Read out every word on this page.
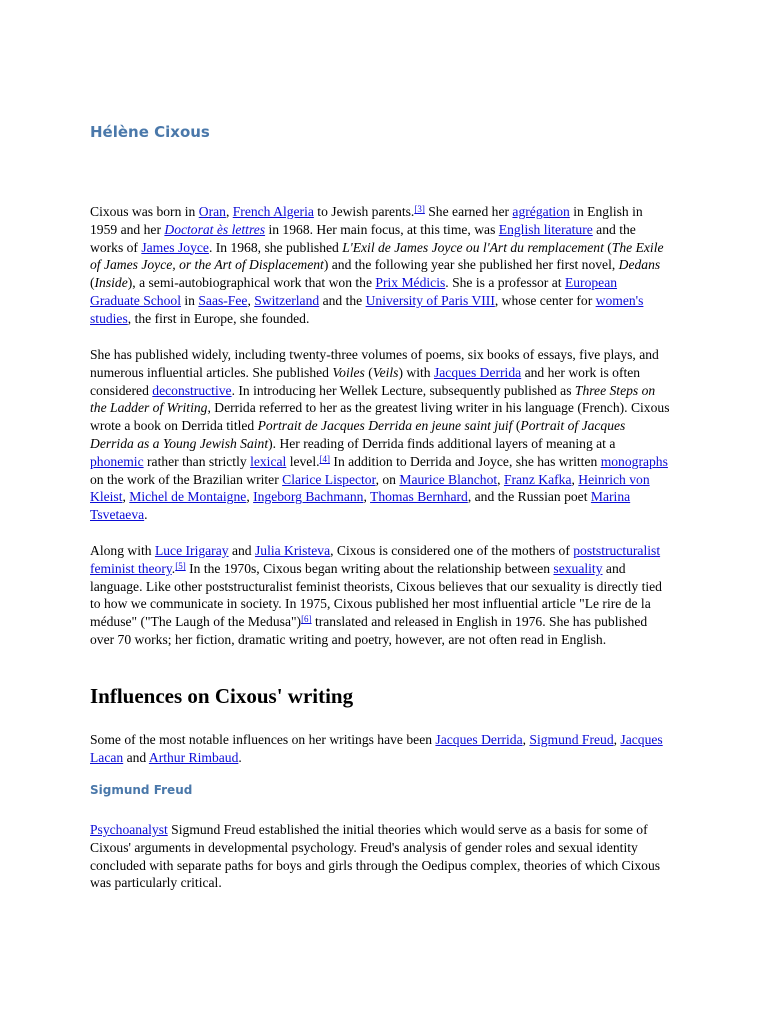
Hélène Cixous

Cixous was born in Oran, French Algeria to Jewish parents.[3] She earned her agrégation in English in 1959 and her Doctorat ès lettres in 1968. Her main focus, at this time, was English literature and the works of James Joyce. In 1968, she published L'Exil de James Joyce ou l'Art du remplacement (The Exile of James Joyce, or the Art of Displacement) and the following year she published her first novel, Dedans (Inside), a semi-autobiographical work that won the Prix Médicis. She is a professor at European Graduate School in Saas-Fee, Switzerland and the University of Paris VIII, whose center for women's studies, the first in Europe, she founded.

She has published widely, including twenty-three volumes of poems, six books of essays, five plays, and numerous influential articles. She published Voiles (Veils) with Jacques Derrida and her work is often considered deconstructive. In introducing her Wellek Lecture, subsequently published as Three Steps on the Ladder of Writing, Derrida referred to her as the greatest living writer in his language (French). Cixous wrote a book on Derrida titled Portrait de Jacques Derrida en jeune saint juif (Portrait of Jacques Derrida as a Young Jewish Saint). Her reading of Derrida finds additional layers of meaning at a phonemic rather than strictly lexical level.[4] In addition to Derrida and Joyce, she has written monographs on the work of the Brazilian writer Clarice Lispector, on Maurice Blanchot, Franz Kafka, Heinrich von Kleist, Michel de Montaigne, Ingeborg Bachmann, Thomas Bernhard, and the Russian poet Marina Tsvetaeva.

Along with Luce Irigaray and Julia Kristeva, Cixous is considered one of the mothers of poststructuralist feminist theory.[5] In the 1970s, Cixous began writing about the relationship between sexuality and language. Like other poststructuralist feminist theorists, Cixous believes that our sexuality is directly tied to how we communicate in society. In 1975, Cixous published her most influential article "Le rire de la méduse" ("The Laugh of the Medusa")[6] translated and released in English in 1976. She has published over 70 works; her fiction, dramatic writing and poetry, however, are not often read in English.

Influences on Cixous' writing

Some of the most notable influences on her writings have been Jacques Derrida, Sigmund Freud, Jacques Lacan and Arthur Rimbaud.

Sigmund Freud

Psychoanalyst Sigmund Freud established the initial theories which would serve as a basis for some of Cixous' arguments in developmental psychology. Freud's analysis of gender roles and sexual identity concluded with separate paths for boys and girls through the Oedipus complex, theories of which Cixous was particularly critical.
